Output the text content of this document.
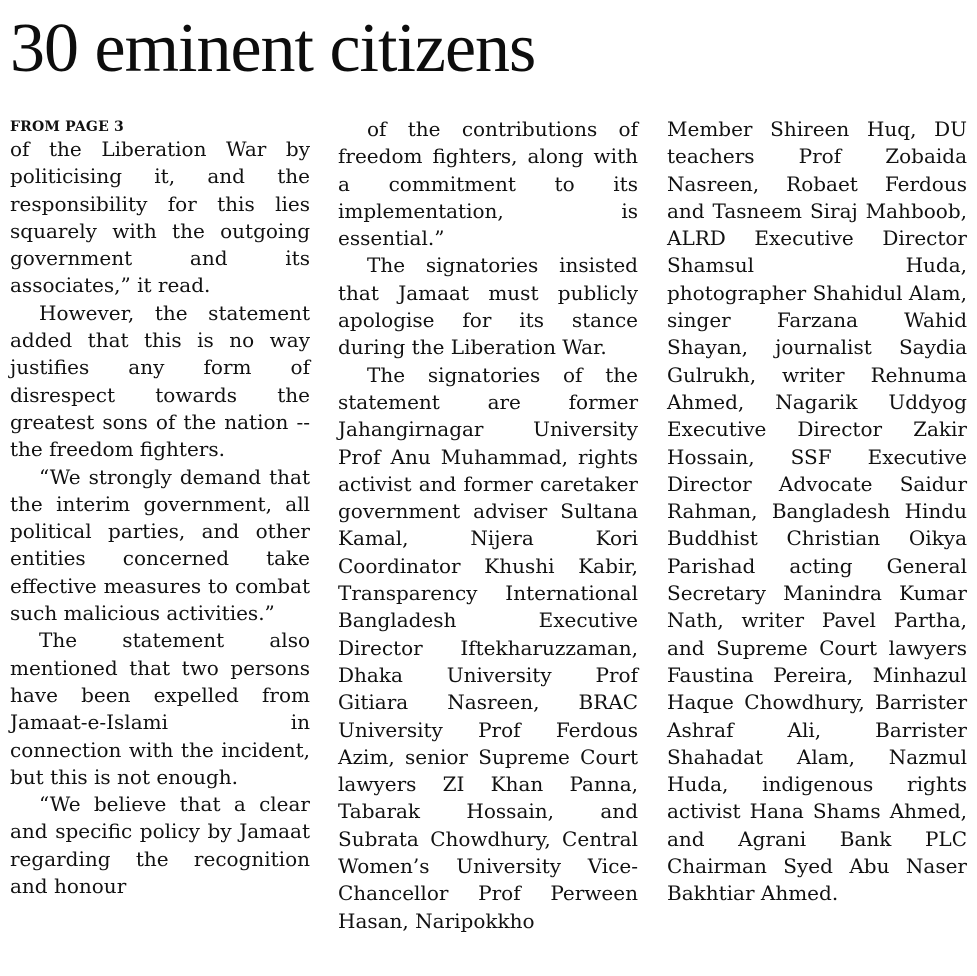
30 eminent citizens
FROM PAGE 3

of the Liberation War by politicising it, and the responsibility for this lies squarely with the outgoing government and its associates,” it read.

However, the statement added that this is no way justifies any form of disrespect towards the greatest sons of the nation -- the freedom fighters.

“We strongly demand that the interim government, all political parties, and other entities concerned take effective measures to combat such malicious activities.”

The statement also mentioned that two persons have been expelled from Jamaat-e-Islami in connection with the incident, but this is not enough.

“We believe that a clear and specific policy by Jamaat regarding the recognition and honour

of the contributions of freedom fighters, along with a commitment to its implementation, is essential.”

The signatories insisted that Jamaat must publicly apologise for its stance during the Liberation War.

The signatories of the statement are former Jahangirnagar University Prof Anu Muhammad, rights activist and former caretaker government adviser Sultana Kamal, Nijera Kori Coordinator Khushi Kabir, Transparency International Bangladesh Executive Director Iftekharuzzaman, Dhaka University Prof Gitiara Nasreen, BRAC University Prof Ferdous Azim, senior Supreme Court lawyers ZI Khan Panna, Tabarak Hossain, and Subrata Chowdhury, Central Women’s University Vice-Chancellor Prof Perween Hasan, Naripokkho

Member Shireen Huq, DU teachers Prof Zobaida Nasreen, Robaet Ferdous and Tasneem Siraj Mahboob, ALRD Executive Director Shamsul Huda, photographer Shahidul Alam, singer Farzana Wahid Shayan, journalist Saydia Gulrukh, writer Rehnuma Ahmed, Nagarik Uddyog Executive Director Zakir Hossain, SSF Executive Director Advocate Saidur Rahman, Bangladesh Hindu Buddhist Christian Oikya Parishad acting General Secretary Manindra Kumar Nath, writer Pavel Partha, and Supreme Court lawyers Faustina Pereira, Minhazul Haque Chowdhury, Barrister Ashraf Ali, Barrister Shahadat Alam, Nazmul Huda, indigenous rights activist Hana Shams Ahmed, and Agrani Bank PLC Chairman Syed Abu Naser Bakhtiar Ahmed.
